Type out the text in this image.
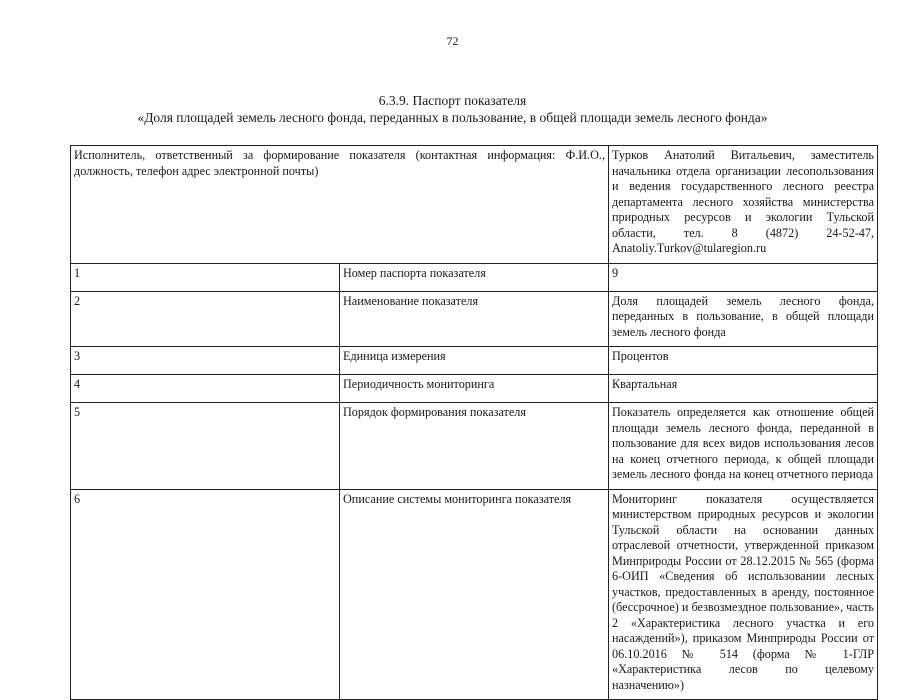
72
6.3.9. Паспорт показателя
«Доля площадей земель лесного фонда, переданных в пользование, в общей площади земель лесного фонда»
Исполнитель, ответственный за формирование показателя (контактная информация: Ф.И.О., должность, телефон адрес электронной почты)		Турков Анатолий Витальевич, заместитель начальника отдела организации лесопользования и ведения государственного лесного реестра департамента лесного хозяйства министерства природных ресурсов и экологии Тульской области, тел. 8 (4872) 24-52-47, Anatoliy.Turkov@tularegion.ru
1	Номер паспорта показателя	9
2	Наименование показателя	Доля площадей земель лесного фонда, переданных в пользование, в общей площади земель лесного фонда
3	Единица измерения	Процентов
4	Периодичность мониторинга	Квартальная
5	Порядок формирования показателя	Показатель определяется как отношение общей площади земель лесного фонда, переданной в пользование для всех видов использования лесов на конец отчетного периода, к общей площади земель лесного фонда на конец отчетного периода
6	Описание системы мониторинга показателя	Мониторинг показателя осуществляется министерством природных ресурсов и экологии Тульской области на основании данных отраслевой отчетности, утвержденной приказом Минприроды России от 28.12.2015 № 565 (форма 6-ОИП «Сведения об использовании лесных участков, предоставленных в аренду, постоянное (бессрочное) и безвозмездное пользование», часть 2 «Характеристика лесного участка и его насаждений»), приказом Минприроды России от 06.10.2016 № 514 (форма № 1-ГЛР «Характеристика лесов по целевому назначению»)
